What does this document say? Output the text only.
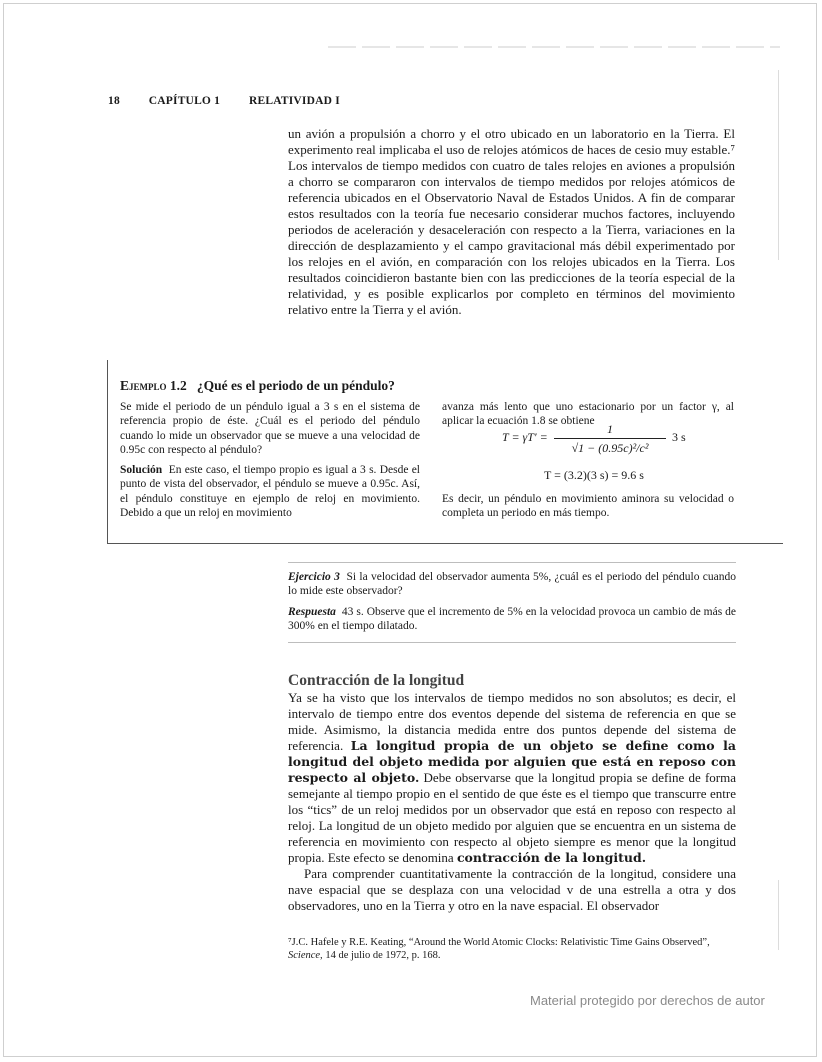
18	CAPÍTULO 1	RELATIVIDAD I

un avión a propulsión a chorro y el otro ubicado en un laboratorio en la Tierra. El experimento real implicaba el uso de relojes atómicos de haces de cesio muy estable.⁷ Los intervalos de tiempo medidos con cuatro de tales relojes en aviones a propulsión a chorro se compararon con intervalos de tiempo medidos por relojes atómicos de referencia ubicados en el Observatorio Naval de Estados Unidos. A fin de comparar estos resultados con la teoría fue necesario considerar muchos factores, incluyendo periodos de aceleración y desaceleración con respecto a la Tierra, variaciones en la dirección de desplazamiento y el campo gravitacional más débil experimentado por los relojes en el avión, en comparación con los relojes ubicados en la Tierra. Los resultados coincidieron bastante bien con las predicciones de la teoría especial de la relatividad, y es posible explicarlos por completo en términos del movimiento relativo entre la Tierra y el avión.

Ejemplo 1.2 ¿Qué es el periodo de un péndulo?

Se mide el periodo de un péndulo igual a 3 s en el sistema de referencia propio de éste. ¿Cuál es el periodo del péndulo cuando lo mide un observador que se mueve a una velocidad de 0.95c con respecto al péndulo?

Solución En este caso, el tiempo propio es igual a 3 s. Desde el punto de vista del observador, el péndulo se mueve a 0.95c. Así, el péndulo constituye en ejemplo de reloj en movimiento. Debido a que un reloj en movimiento

avanza más lento que uno estacionario por un factor γ, al aplicar la ecuación 1.8 se obtiene

T = γT′ =
1
√1 − (0.95c)²/c²
3 s
T = (3.2)(3 s) = 9.6 s

Es decir, un péndulo en movimiento aminora su velocidad o completa un periodo en más tiempo.

Ejercicio 3 Si la velocidad del observador aumenta 5%, ¿cuál es el periodo del péndulo cuando lo mide este observador?

Respuesta 43 s. Observe que el incremento de 5% en la velocidad provoca un cambio de más de 300% en el tiempo dilatado.

Contracción de la longitud

Ya se ha visto que los intervalos de tiempo medidos no son absolutos; es decir, el intervalo de tiempo entre dos eventos depende del sistema de referencia en que se mide. Asimismo, la distancia medida entre dos puntos depende del sistema de referencia. La longitud propia de un objeto se define como la longitud del objeto medida por alguien que está en reposo con respecto al objeto. Debe observarse que la longitud propia se define de forma semejante al tiempo propio en el sentido de que éste es el tiempo que transcurre entre los “tics” de un reloj medidos por un observador que está en reposo con respecto al reloj. La longitud de un objeto medido por alguien que se encuentra en un sistema de referencia en movimiento con respecto al objeto siempre es menor que la longitud propia. Este efecto se denomina contracción de la longitud.

Para comprender cuantitativamente la contracción de la longitud, considere una nave espacial que se desplaza con una velocidad v de una estrella a otra y dos observadores, uno en la Tierra y otro en la nave espacial. El observador

⁷J.C. Hafele y R.E. Keating, “Around the World Atomic Clocks: Relativistic Time Gains Observed”, Science, 14 de julio de 1972, p. 168.
Material protegido por derechos de autor
